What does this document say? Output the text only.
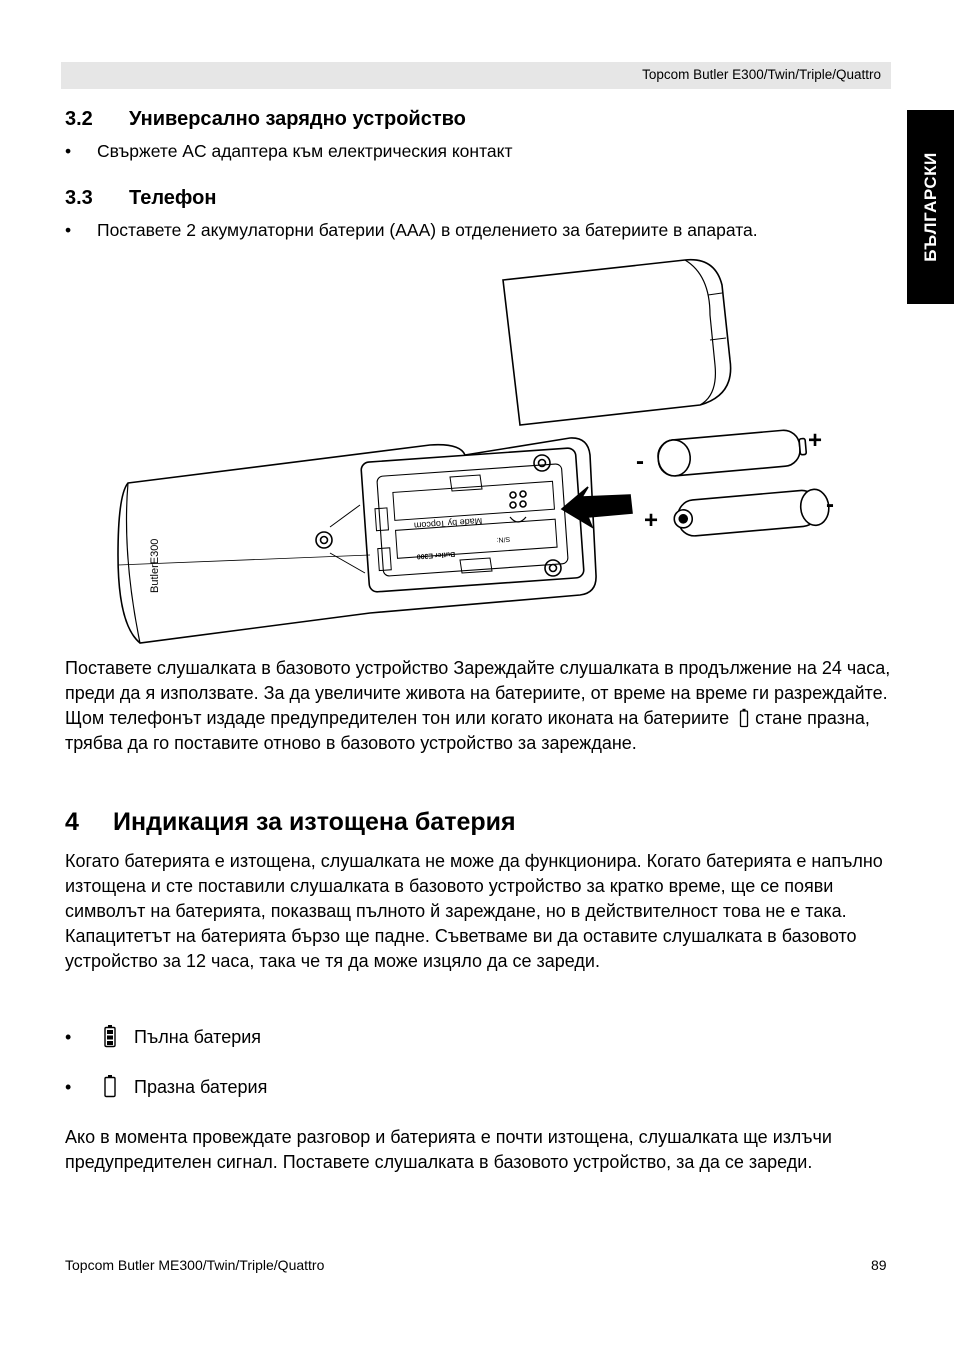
Topcom Butler E300/Twin/Triple/Quattro
БЪЛГАРСКИ
3.2 Универсално зарядно устройство
• Свържете AC адаптера към електрическия контакт
3.3 Телефон
• Поставете 2 акумулаторни батерии (AAA) в отделението за батериите в апарата.
ButlerE300
Made by Topcom
S/N:
Butler E300
+
-
-
+
Поставете слушалката в базовото устройство Зареждайте слушалката в продължение на 24 часа, преди да я използвате. За да увеличите живота на батериите, от време на време ги разреждайте. Щом телефонът издаде предупредителен тон или когато иконата на батериите стане празна, трябва да го поставите отново в базовото устройство за зареждане.
4 Индикация за изтощена батерия
Когато батерията е изтощена, слушалката не може да функционира. Когато батерията е напълно изтощена и сте поставили слушалката в базовото устройство за кратко време, ще се появи символът на батерията, показващ пълното й зареждане, но в действителност това не е така. Капацитетът на батерията бързо ще падне. Съветваме ви да оставите слушалката в базовото устройство за 12 часа, така че тя да може изцяло да се зареди.
•	Пълна батерия
•	Празна батерия
Ако в момента провеждате разговор и батерията е почти изтощена, слушалката ще излъчи предупредителен сигнал. Поставете слушалката в базовото устройство, за да се зареди.
Topcom Butler ME300/Twin/Triple/Quattro	89
